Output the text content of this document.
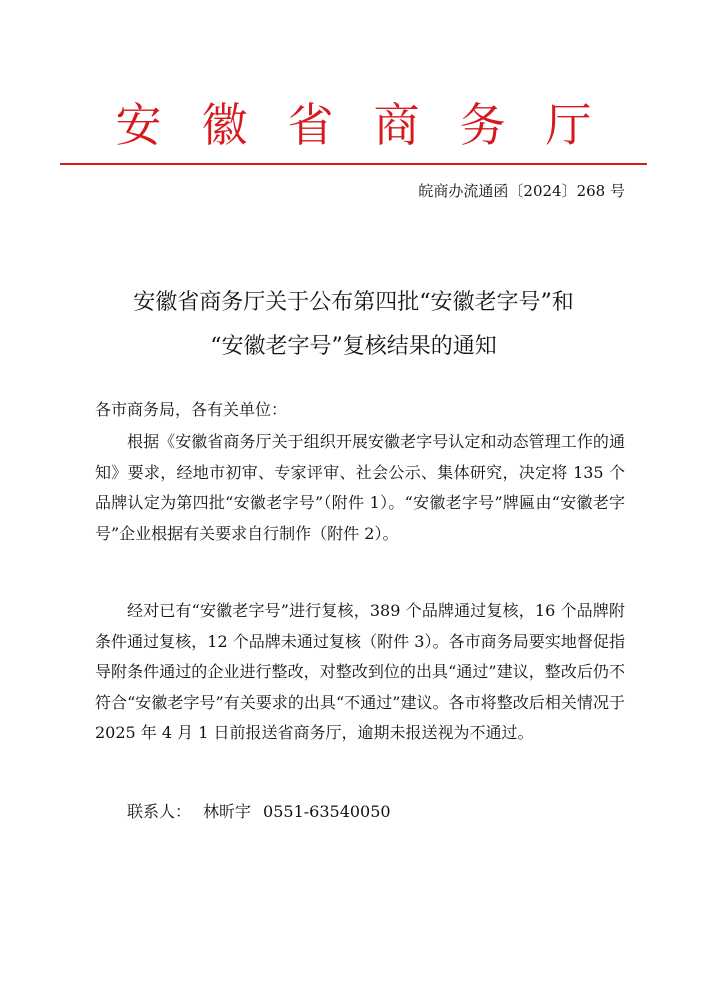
安徽省商务厅
皖商办流通函〔2024〕268 号
安徽省商务厅关于公布第四批“安徽老字号”和
“安徽老字号”复核结果的通知
各市商务局，各有关单位：

根据《安徽省商务厅关于组织开展安徽老字号认定和动态管理工作的通知》要求，经地市初审、专家评审、社会公示、集体研究，决定将 135 个品牌认定为第四批“安徽老字号”（附件 1）。“安徽老字号”牌匾由“安徽老字号”企业根据有关要求自行制作（附件 2）。

经对已有“安徽老字号”进行复核，389 个品牌通过复核，16 个品牌附条件通过复核，12 个品牌未通过复核（附件 3）。各市商务局要实地督促指导附条件通过的企业进行整改，对整改到位的出具“通过”建议，整改后仍不符合“安徽老字号”有关要求的出具“不通过”建议。各市将整改后相关情况于 2025 年 4 月 1 日前报送省商务厅，逾期未报送视为不通过。

联系人： 林昕宇 0551-63540050
